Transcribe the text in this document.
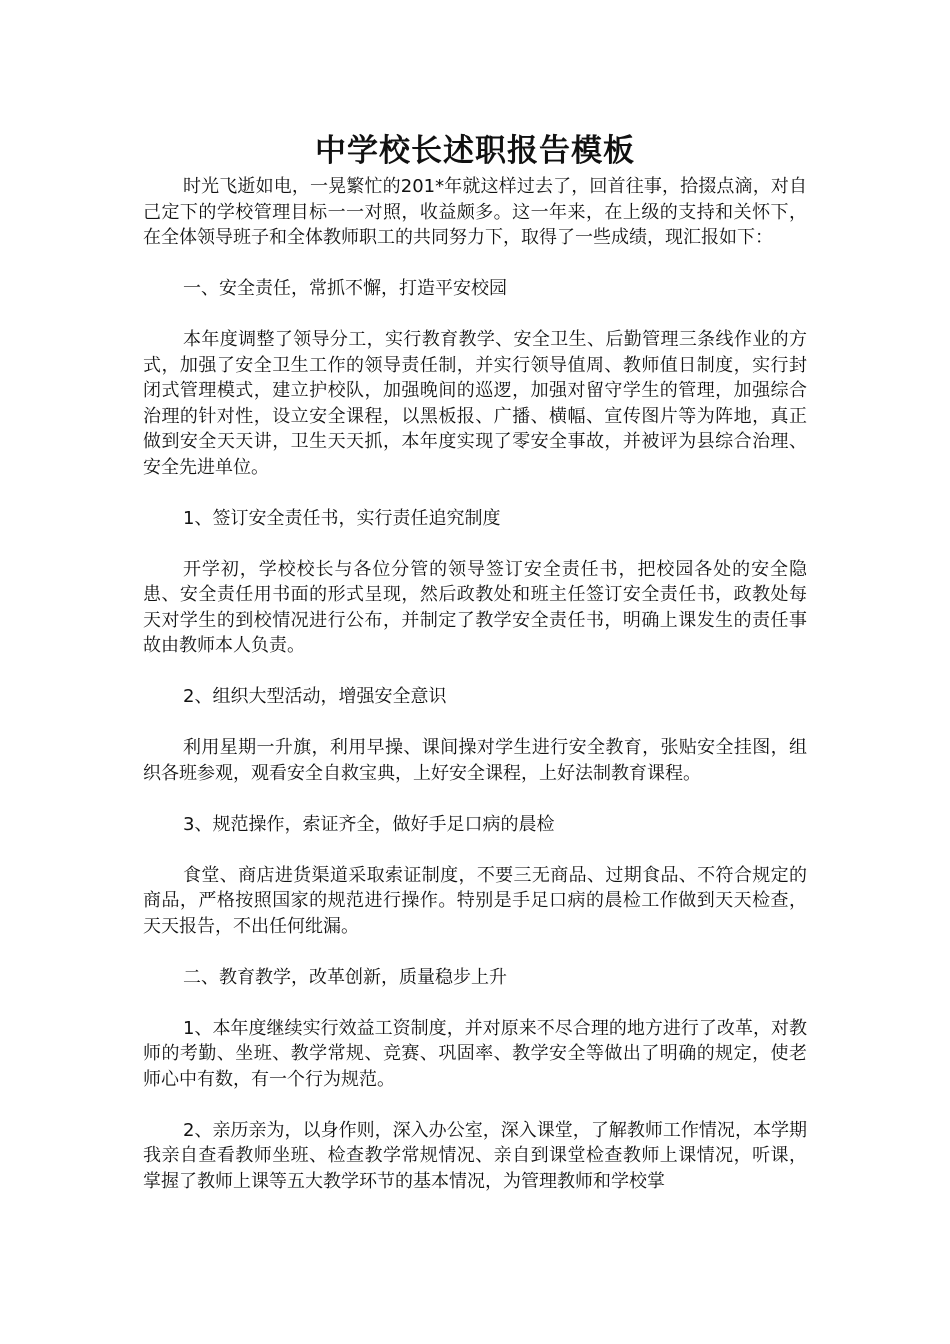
中学校长述职报告模板

时光飞逝如电，一晃繁忙的201*年就这样过去了，回首往事，拾掇点滴，对自己定下的学校管理目标一一对照，收益颇多。这一年来，在上级的支持和关怀下，在全体领导班子和全体教师职工的共同努力下，取得了一些成绩，现汇报如下：

一、安全责任，常抓不懈，打造平安校园

本年度调整了领导分工，实行教育教学、安全卫生、后勤管理三条线作业的方式，加强了安全卫生工作的领导责任制，并实行领导值周、教师值日制度，实行封闭式管理模式，建立护校队，加强晚间的巡逻，加强对留守学生的管理，加强综合治理的针对性，设立安全课程，以黑板报、广播、横幅、宣传图片等为阵地，真正做到安全天天讲，卫生天天抓，本年度实现了零安全事故，并被评为县综合治理、安全先进单位。

1、签订安全责任书，实行责任追究制度

开学初，学校校长与各位分管的领导签订安全责任书，把校园各处的安全隐患、安全责任用书面的形式呈现，然后政教处和班主任签订安全责任书，政教处每天对学生的到校情况进行公布，并制定了教学安全责任书，明确上课发生的责任事故由教师本人负责。

2、组织大型活动，增强安全意识

利用星期一升旗，利用早操、课间操对学生进行安全教育，张贴安全挂图，组织各班参观，观看安全自救宝典，上好安全课程，上好法制教育课程。

3、规范操作，索证齐全，做好手足口病的晨检

食堂、商店进货渠道采取索证制度，不要三无商品、过期食品、不符合规定的商品，严格按照国家的规范进行操作。特别是手足口病的晨检工作做到天天检查，天天报告，不出任何纰漏。

二、教育教学，改革创新，质量稳步上升

1、本年度继续实行效益工资制度，并对原来不尽合理的地方进行了改革，对教师的考勤、坐班、教学常规、竞赛、巩固率、教学安全等做出了明确的规定，使老师心中有数，有一个行为规范。

2、亲历亲为，以身作则，深入办公室，深入课堂，了解教师工作情况，本学期我亲自查看教师坐班、检查教学常规情况、亲自到课堂检查教师上课情况，听课，掌握了教师上课等五大教学环节的基本情况，为管理教师和学校掌
